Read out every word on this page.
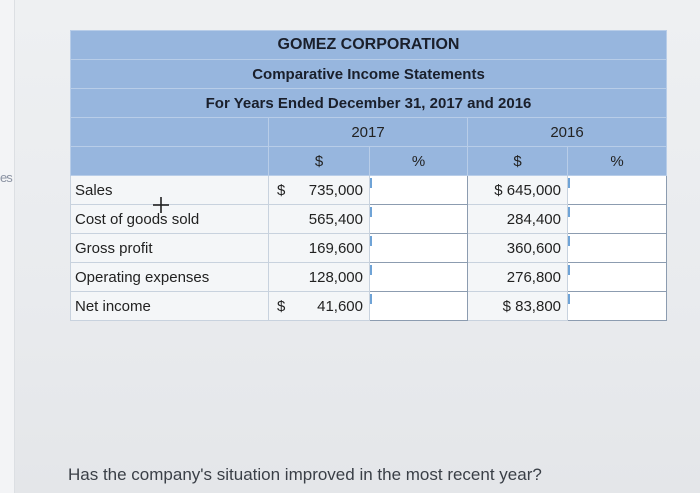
es
GOMEZ CORPORATION				
Comparative Income Statements				
For Years Ended December 31, 2017 and 2016				
	2017		2016	
	$	%	$	%
Sales	$ 735,000		$ 645,000	
Cost of goods sold	565,400		284,400	
Gross profit	169,600		360,600	
Operating expenses	128,000		276,800	
Net income	$ 41,600		$ 83,800	
Has the company's situation improved in the most recent year?
